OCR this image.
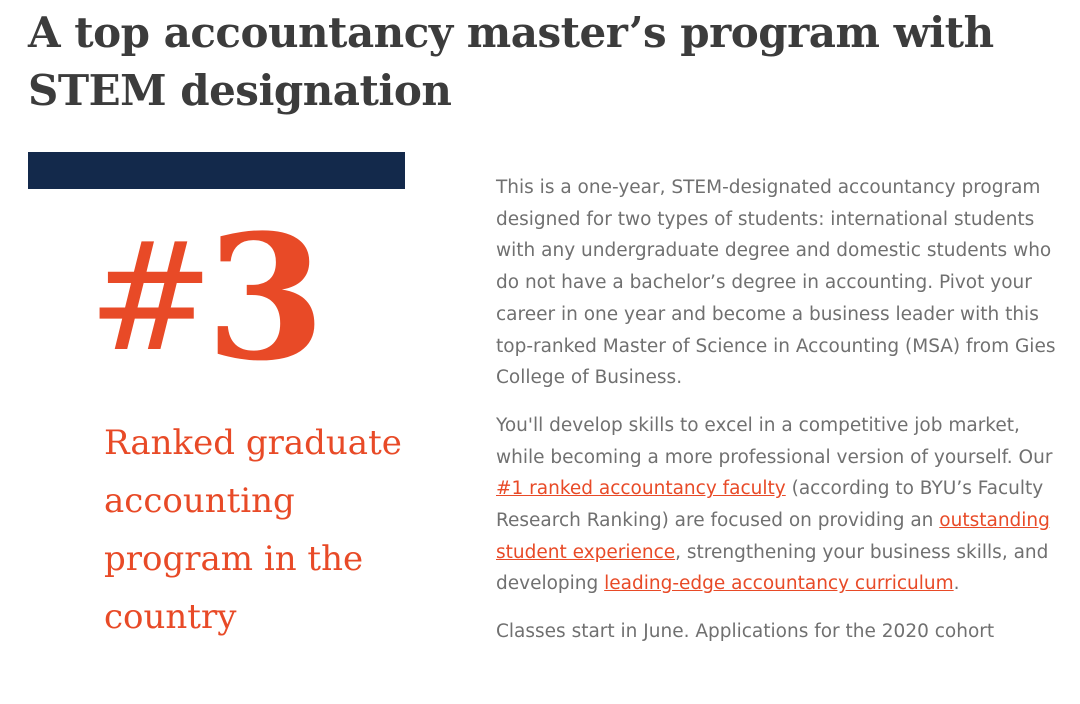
A top accountancy master’s program with STEM designation
#3

Ranked graduate accounting program in the country

This is a one-year, STEM-designated accountancy program designed for two types of students: international students with any undergraduate degree and domestic students who do not have a bachelor’s degree in accounting. Pivot your career in one year and become a business leader with this top-ranked Master of Science in Accounting (MSA) from Gies College of Business.

You'll develop skills to excel in a competitive job market, while becoming a more professional version of yourself. Our #1 ranked accountancy faculty (according to BYU’s Faculty Research Ranking) are focused on providing an outstanding student experience, strengthening your business skills, and developing leading-edge accountancy curriculum.

Classes start in June. Applications for the 2020 cohort
